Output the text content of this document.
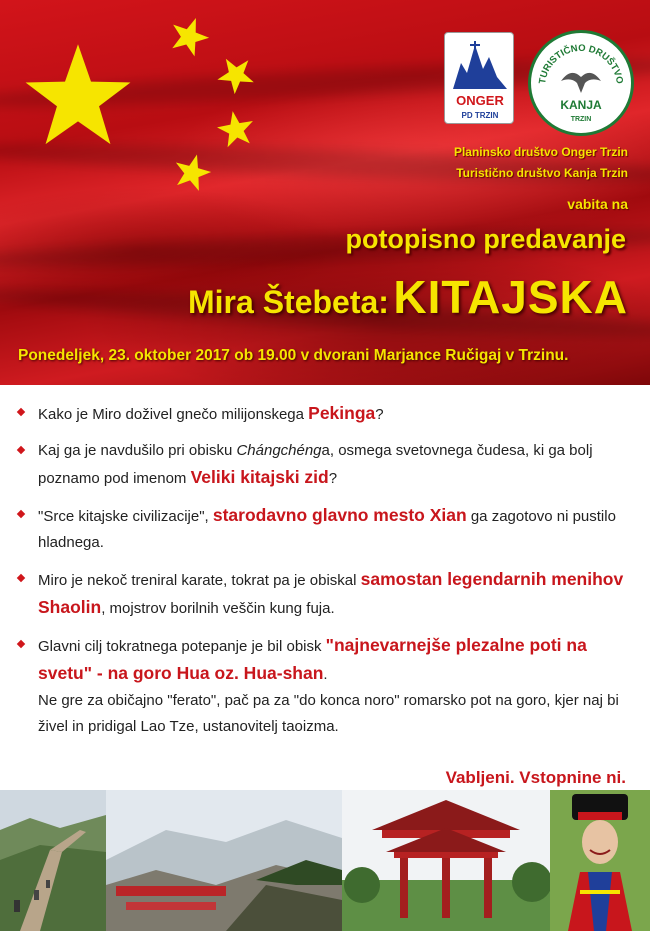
ONGER
PD TRZIN
TURISTIČNO DRUŠTVO
KANJA
TRZIN
Planinsko društvo Onger Trzin
Turistično društvo Kanja Trzin
vabita na
potopisno predavanje
Mira Štebeta: KITAJSKA
Ponedeljek, 23. oktober 2017 ob 19.00 v dvorani Marjance Ručigaj v Trzinu.
Kako je Miro doživel gnečo milijonskega Pekinga?
Kaj ga je navdušilo pri obisku Chángchénga, osmega svetovnega čudesa, ki ga bolj poznamo pod imenom Veliki kitajski zid?
"Srce kitajske civilizacije", starodavno glavno mesto Xian ga zagotovo ni pustilo hladnega.
Miro je nekoč treniral karate, tokrat pa je obiskal samostan legendarnih menihov Shaolin, mojstrov borilnih veščin kung fuja.
Glavni cilj tokratnega potepanje je bil obisk "najnevarnejše plezalne poti na svetu" - na goro Hua oz. Hua-shan.
Ne gre za običajno "ferato", pač pa za "do konca noro" romarsko pot na goro, kjer naj bi živel in pridigal Lao Tze, ustanovitelj taoizma.
Vabljeni. Vstopnine ni.
